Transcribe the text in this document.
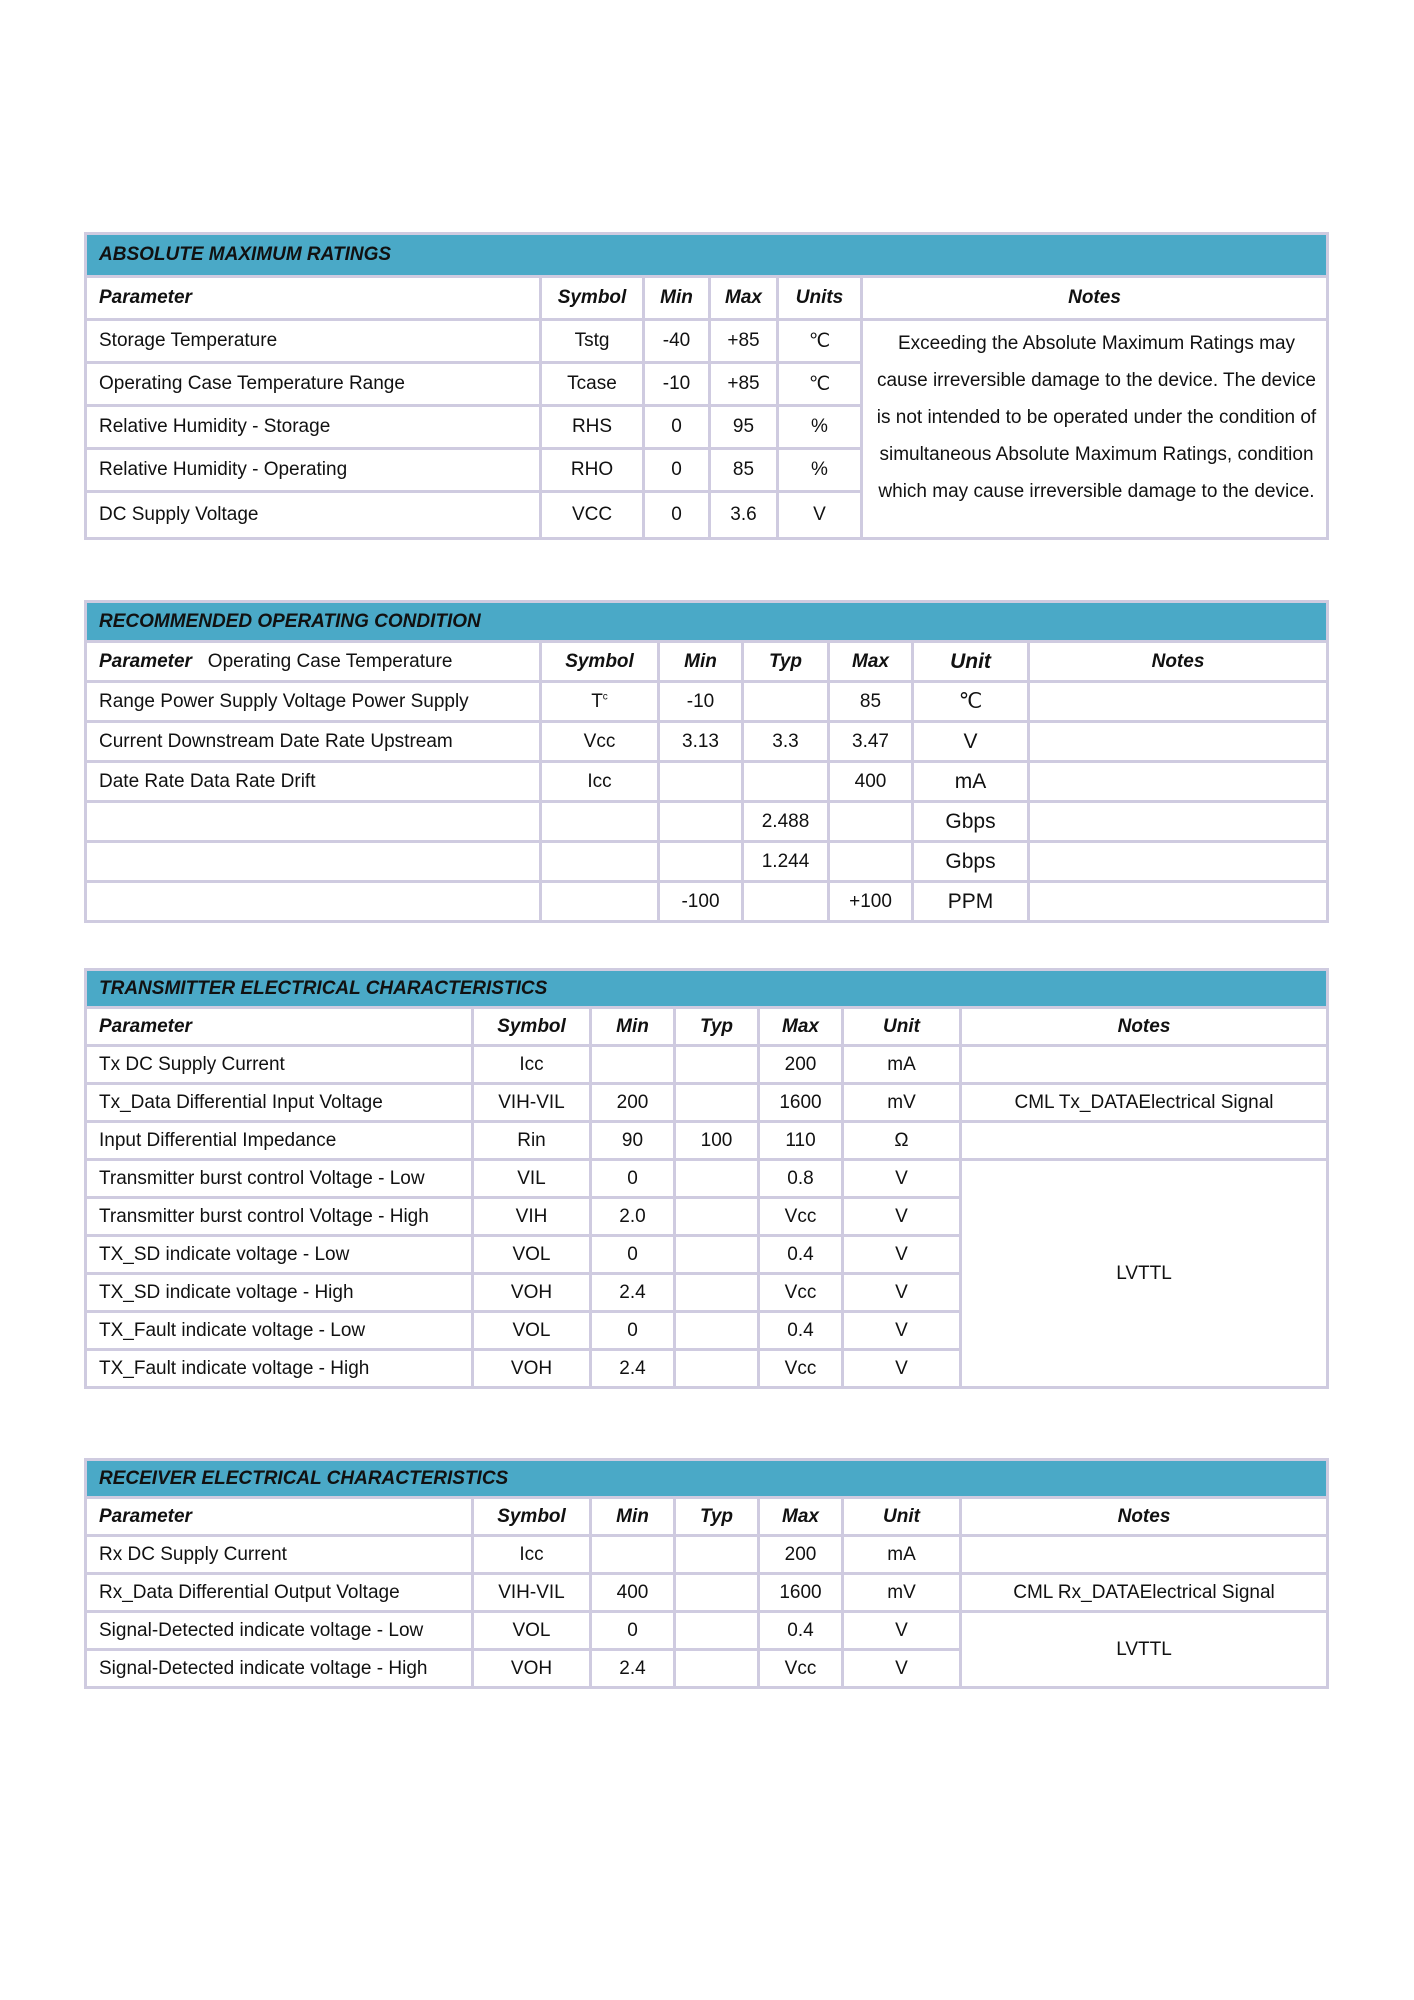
ABSOLUTE MAXIMUM RATINGS					
Parameter	Symbol	Min	Max	Units	Notes
Storage Temperature	Tstg	-40	+85	℃	Exceeding the Absolute Maximum Ratings may cause irreversible damage to the device. The device is not intended to be operated under the condition of simultaneous Absolute Maximum Ratings, condition which may cause irreversible damage to the device.
Operating Case Temperature Range	Tcase	-10	+85	℃	
Relative Humidity - Storage	RHS	0	95	%	
Relative Humidity - Operating	RHO	0	85	%	
DC Supply Voltage	VCC	0	3.6	V	
RECOMMENDED OPERATING CONDITION						
Parameter Operating Case Temperature	Symbol	Min	Typ	Max	Unit	Notes
Range Power Supply Voltage Power Supply	$T^c$	-10		85	℃	
Current Downstream Date Rate Upstream	Vcc	3.13	3.3	3.47	V	
Date Rate Data Rate Drift	Icc			400	mA	
			2.488		Gbps	
			1.244		Gbps	
		-100		+100	PPM	
TRANSMITTER ELECTRICAL CHARACTERISTICS						
Parameter	Symbol	Min	Typ	Max	Unit	Notes
Tx DC Supply Current	Icc			200	mA	
Tx_Data Differential Input Voltage	VIH-VIL	200		1600	mV	CML Tx_DATAElectrical Signal
Input Differential Impedance	Rin	90	100	110	Ω	
Transmitter burst control Voltage - Low	VIL	0		0.8	V	LVTTL
Transmitter burst control Voltage - High	VIH	2.0		Vcc	V	
TX_SD indicate voltage - Low	VOL	0		0.4	V	
TX_SD indicate voltage - High	VOH	2.4		Vcc	V	
TX_Fault indicate voltage - Low	VOL	0		0.4	V	
TX_Fault indicate voltage - High	VOH	2.4		Vcc	V	
RECEIVER ELECTRICAL CHARACTERISTICS						
Parameter	Symbol	Min	Typ	Max	Unit	Notes
Rx DC Supply Current	Icc			200	mA	
Rx_Data Differential Output Voltage	VIH-VIL	400		1600	mV	CML Rx_DATAElectrical Signal
Signal-Detected indicate voltage - Low	VOL	0		0.4	V	LVTTL
Signal-Detected indicate voltage - High	VOH	2.4		Vcc	V	
